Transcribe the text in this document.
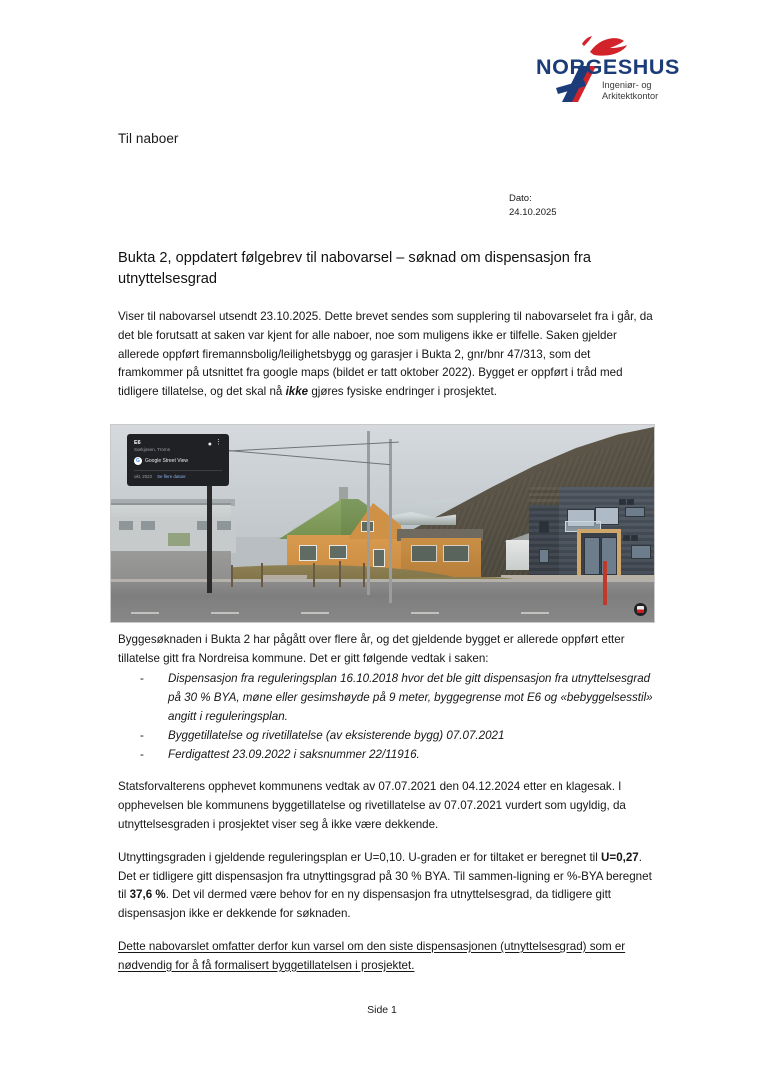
NORGESHUS
Ingeniør- og
Arkitektkontor
Til naboer
Dato:
24.10.2025
Bukta 2, oppdatert følgebrev til nabovarsel – søknad om dispensasjon fra utnyttelsesgrad
E6
Sørkjosen, Troms
G	Google Street View
okt. 2022 Se flere datoer
● ⋮

Viser til nabovarsel utsendt 23.10.2025. Dette brevet sendes som supplering til nabovarselet fra i går, da det ble forutsatt at saken var kjent for alle naboer, noe som muligens ikke er tilfelle. Saken gjelder allerede oppført firemannsbolig/leilighetsbygg og garasjer i Bukta 2, gnr/bnr 47/313, som det framkommer på utsnittet fra google maps (bildet er tatt oktober 2022). Bygget er oppført i tråd med tidligere tillatelse, og det skal nå ikke gjøres fysiske endringer i prosjektet.

Byggesøknaden i Bukta 2 har pågått over flere år, og det gjeldende bygget er allerede oppført etter tillatelse gitt fra Nordreisa kommune. Det er gitt følgende vedtak i saken:

- Dispensasjon fra reguleringsplan 16.10.2018 hvor det ble gitt dispensasjon fra utnyttelsesgrad på 30 % BYA, møne eller gesimshøyde på 9 meter, byggegrense mot E6 og «bebyggelsesstil» angitt i reguleringsplan.
- Byggetillatelse og rivetillatelse (av eksisterende bygg) 07.07.2021
- Ferdigattest 23.09.2022 i saksnummer 22/11916.

Statsforvalterens opphevet kommunens vedtak av 07.07.2021 den 04.12.2024 etter en klagesak. I opphevelsen ble kommunens byggetillatelse og rivetillatelse av 07.07.2021 vurdert som ugyldig, da utnyttelsesgraden i prosjektet viser seg å ikke være dekkende.

Utnyttingsgraden i gjeldende reguleringsplan er U=0,10. U-graden er for tiltaket er beregnet til U=0,27. Det er tidligere gitt dispensasjon fra utnyttingsgrad på 30 % BYA. Til sammen-ligning er %-BYA beregnet til 37,6 %. Det vil dermed være behov for en ny dispensasjon fra utnyttelsesgrad, da tidligere gitt dispensasjon ikke er dekkende for søknaden.

Dette nabovarslet omfatter derfor kun varsel om den siste dispensasjonen (utnyttelsesgrad) som er nødvendig for å få formalisert byggetillatelsen i prosjektet.

Side 1
